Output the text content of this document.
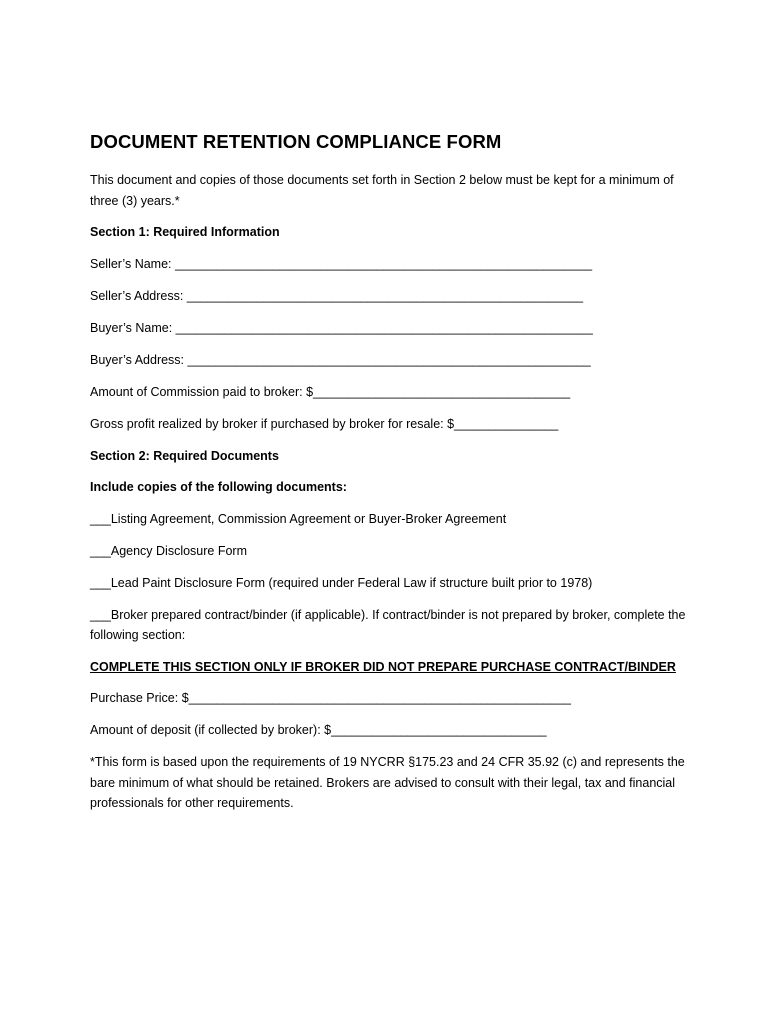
DOCUMENT RETENTION COMPLIANCE FORM
This document and copies of those documents set forth in Section 2 below must be kept for a minimum of three (3) years.*
Section 1: Required Information
Seller’s Name: ____________________________________________________________
Seller’s Address: _________________________________________________________
Buyer’s Name: ____________________________________________________________
Buyer’s Address: __________________________________________________________
Amount of Commission paid to broker: $_____________________________________
Gross profit realized by broker if purchased by broker for resale: $_______________
Section 2: Required Documents
Include copies of the following documents:
___Listing Agreement, Commission Agreement or Buyer-Broker Agreement
___Agency Disclosure Form
___Lead Paint Disclosure Form (required under Federal Law if structure built prior to 1978)
___Broker prepared contract/binder (if applicable). If contract/binder is not prepared by broker, complete the following section:
COMPLETE THIS SECTION ONLY IF BROKER DID NOT PREPARE PURCHASE CONTRACT/BINDER
Purchase Price: $_______________________________________________________
Amount of deposit (if collected by broker): $_______________________________
*This form is based upon the requirements of 19 NYCRR §175.23 and 24 CFR 35.92 (c) and represents the bare minimum of what should be retained. Brokers are advised to consult with their legal, tax and financial professionals for other requirements.
